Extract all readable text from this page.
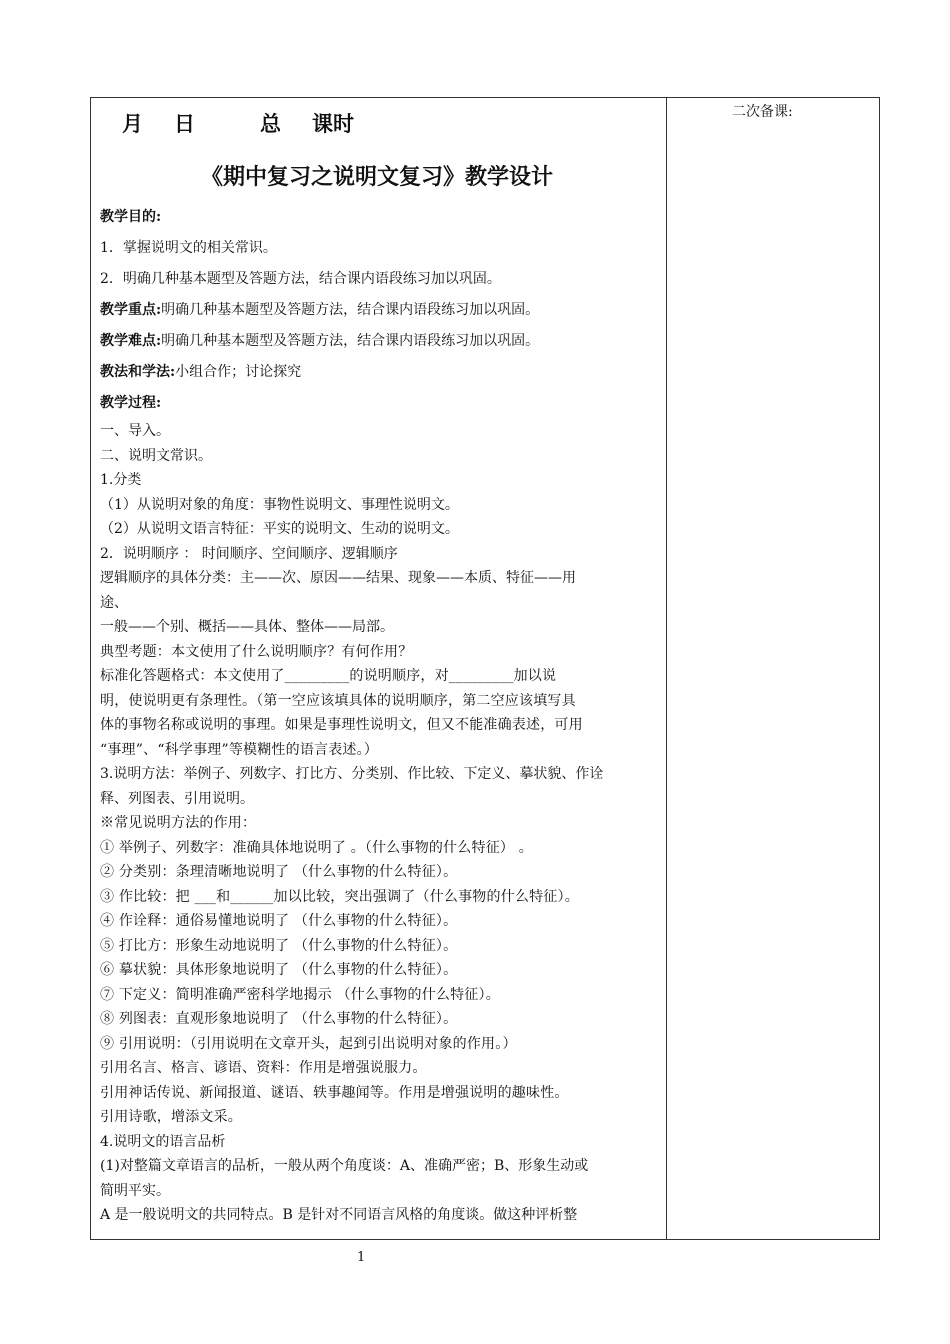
二次备课:
月 日	总 课时
《期中复习之说明文复习》教学设计
教学目的:
1．掌握说明文的相关常识。
2．明确几种基本题型及答题方法，结合课内语段练习加以巩固。
教学重点:明确几种基本题型及答题方法，结合课内语段练习加以巩固。
教学难点:明确几种基本题型及答题方法，结合课内语段练习加以巩固。
教法和学法:小组合作；讨论探究
教学过程:
一、导入。
二、说明文常识。
1.分类
（1）从说明对象的角度：事物性说明文、事理性说明文。
（2）从说明文语言特征：平实的说明文、生动的说明文。
2．说明顺序 ： 时间顺序、空间顺序、逻辑顺序
逻辑顺序的具体分类：主——次、原因——结果、现象——本质、特征——用
途、
一般——个别、概括——具体、整体——局部。
典型考题：本文使用了什么说明顺序？有何作用？
标准化答题格式：本文使用了_________的说明顺序，对_________加以说
明，使说明更有条理性。（第一空应该填具体的说明顺序，第二空应该填写具
体的事物名称或说明的事理。如果是事理性说明文，但又不能准确表述，可用
“事理”、“科学事理”等模糊性的语言表述。）
3.说明方法：举例子、列数字、打比方、分类别、作比较、下定义、摹状貌、作诠
释、列图表、引用说明。
※常见说明方法的作用：
① 举例子、列数字：准确具体地说明了 。（什么事物的什么特征） 。
② 分类别：条理清晰地说明了 （什么事物的什么特征）。
③ 作比较：把 ___和______加以比较，突出强调了（什么事物的什么特征）。
④ 作诠释：通俗易懂地说明了 （什么事物的什么特征）。
⑤ 打比方：形象生动地说明了 （什么事物的什么特征）。
⑥ 摹状貌：具体形象地说明了 （什么事物的什么特征）。
⑦ 下定义：简明准确严密科学地揭示 （什么事物的什么特征）。
⑧ 列图表：直观形象地说明了 （什么事物的什么特征）。
⑨ 引用说明：（引用说明在文章开头，起到引出说明对象的作用。）
引用名言、格言、谚语、资料：作用是增强说服力。
引用神话传说、新闻报道、谜语、轶事趣闻等。作用是增强说明的趣味性。
引用诗歌，增添文采。
4.说明文的语言品析
(1)对整篇文章语言的品析，一般从两个角度谈：A、准确严密；B、形象生动或
简明平实。
A 是一般说明文的共同特点。B 是针对不同语言风格的角度谈。做这种评析整
1
